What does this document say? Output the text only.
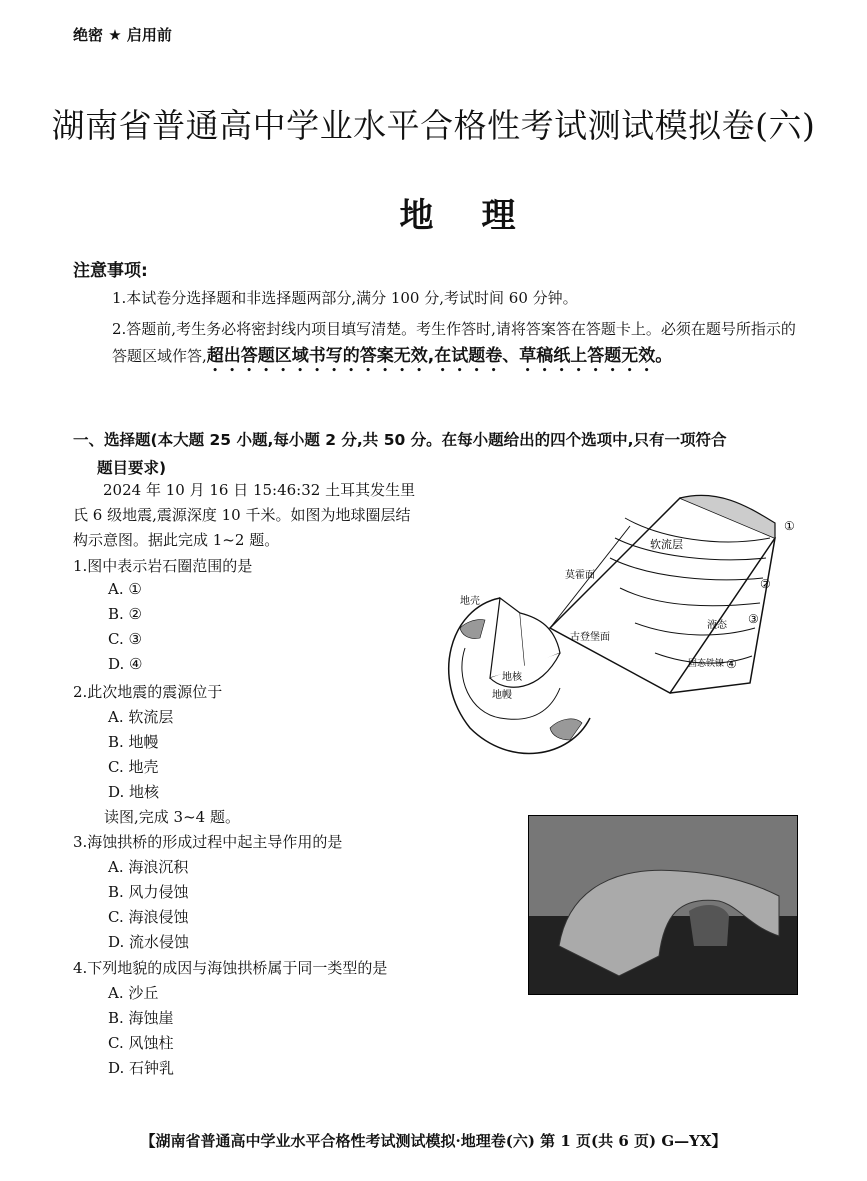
绝密 ★ 启用前
湖南省普通高中学业水平合格性考试测试模拟卷(六)
地理
注意事项:
1.本试卷分选择题和非选择题两部分,满分 100 分,考试时间 60 分钟。
2.答题前,考生务必将密封线内项目填写清楚。考生作答时,请将答案答在答题卡上。必须在题号所指示的答题区域作答,超出答题区域书写的答案无效,在试题卷、草稿纸上答题无效。
一、选择题(本大题 25 小题,每小题 2 分,共 50 分。在每小题给出的四个选项中,只有一项符合
题目要求)
2024 年 10 月 16 日 15:46:32 土耳其发生里氏 6 级地震,震源深度 10 千米。如图为地球圈层结构示意图。据此完成 1~2 题。
1.图中表示岩石圈范围的是
A. ①
B. ②
C. ③
D. ④
2.此次地震的震源位于
A. 软流层
B. 地幔
C. 地壳
D. 地核
读图,完成 3~4 题。
3.海蚀拱桥的形成过程中起主导作用的是
A. 海浪沉积
B. 风力侵蚀
C. 海浪侵蚀
D. 流水侵蚀
4.下列地貌的成因与海蚀拱桥属于同一类型的是
A. 沙丘
B. 海蚀崖
C. 风蚀柱
D. 石钟乳
软流层
莫霍面
古登堡面
地壳
地核
地幔
液态
固态铁镍
①
②
③
④
【湖南省普通高中学业水平合格性考试测试模拟·地理卷(六) 第 1 页(共 6 页) G—YX】
